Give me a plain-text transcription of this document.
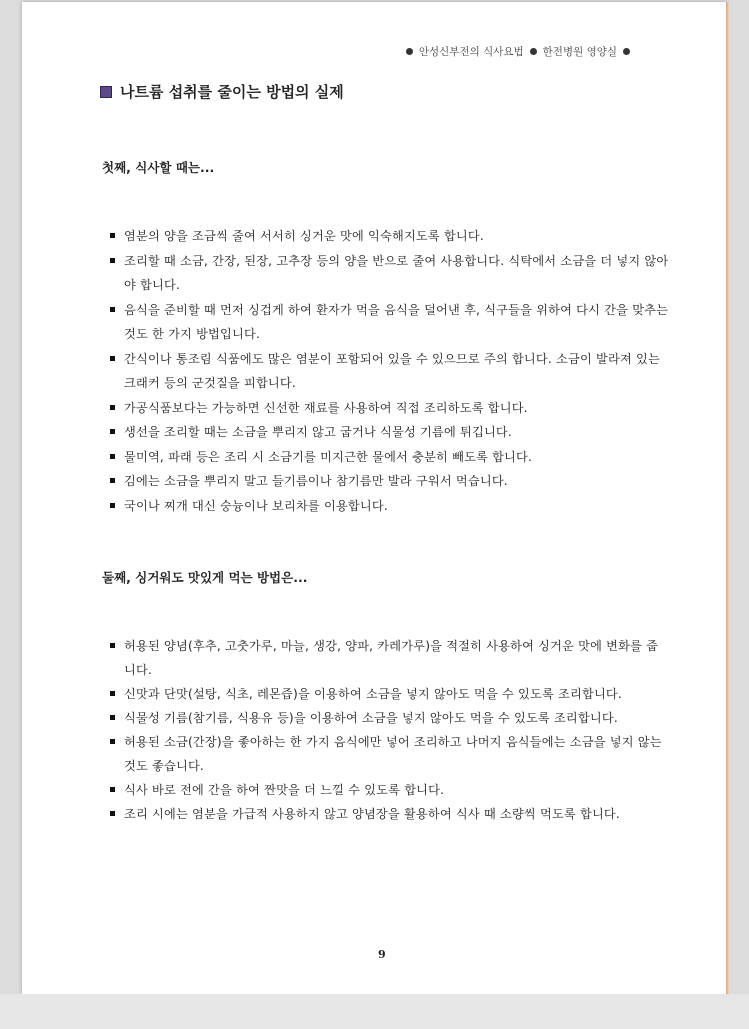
안성신부전의 식사요법 한전병원 영양실
나트륨 섭취를 줄이는 방법의 실제
첫째, 식사할 때는...
염분의 양을 조금씩 줄여 서서히 싱거운 맛에 익숙해지도록 합니다.
조리할 때 소금, 간장, 된장, 고추장 등의 양을 반으로 줄여 사용합니다. 식탁에서 소금을 더 넣지 않아야 합니다.
음식을 준비할 때 먼저 싱겁게 하여 환자가 먹을 음식을 덜어낸 후, 식구들을 위하여 다시 간을 맞추는 것도 한 가지 방법입니다.
간식이나 통조림 식품에도 많은 염분이 포함되어 있을 수 있으므로 주의 합니다. 소금이 발라져 있는 크래커 등의 군것질을 피합니다.
가공식품보다는 가능하면 신선한 재료를 사용하여 직접 조리하도록 합니다.
생선을 조리할 때는 소금을 뿌리지 않고 굽거나 식물성 기름에 튀깁니다.
물미역, 파래 등은 조리 시 소금기를 미지근한 물에서 충분히 빼도록 합니다.
김에는 소금을 뿌리지 말고 들기름이나 참기름만 발라 구워서 먹습니다.
국이나 찌개 대신 숭늉이나 보리차를 이용합니다.
둘째, 싱거워도 맛있게 먹는 방법은...
허용된 양념(후추, 고춧가루, 마늘, 생강, 양파, 카레가루)을 적절히 사용하여 싱거운 맛에 변화를 줍니다.
신맛과 단맛(설탕, 식초, 레몬즙)을 이용하여 소금을 넣지 않아도 먹을 수 있도록 조리합니다.
식물성 기름(참기름, 식용유 등)을 이용하여 소금을 넣지 않아도 먹을 수 있도록 조리합니다.
허용된 소금(간장)을 좋아하는 한 가지 음식에만 넣어 조리하고 나머지 음식들에는 소금을 넣지 않는 것도 좋습니다.
식사 바로 전에 간을 하여 짠맛을 더 느낄 수 있도록 합니다.
조리 시에는 염분을 가급적 사용하지 않고 양념장을 활용하여 식사 때 소량씩 먹도록 합니다.
9
